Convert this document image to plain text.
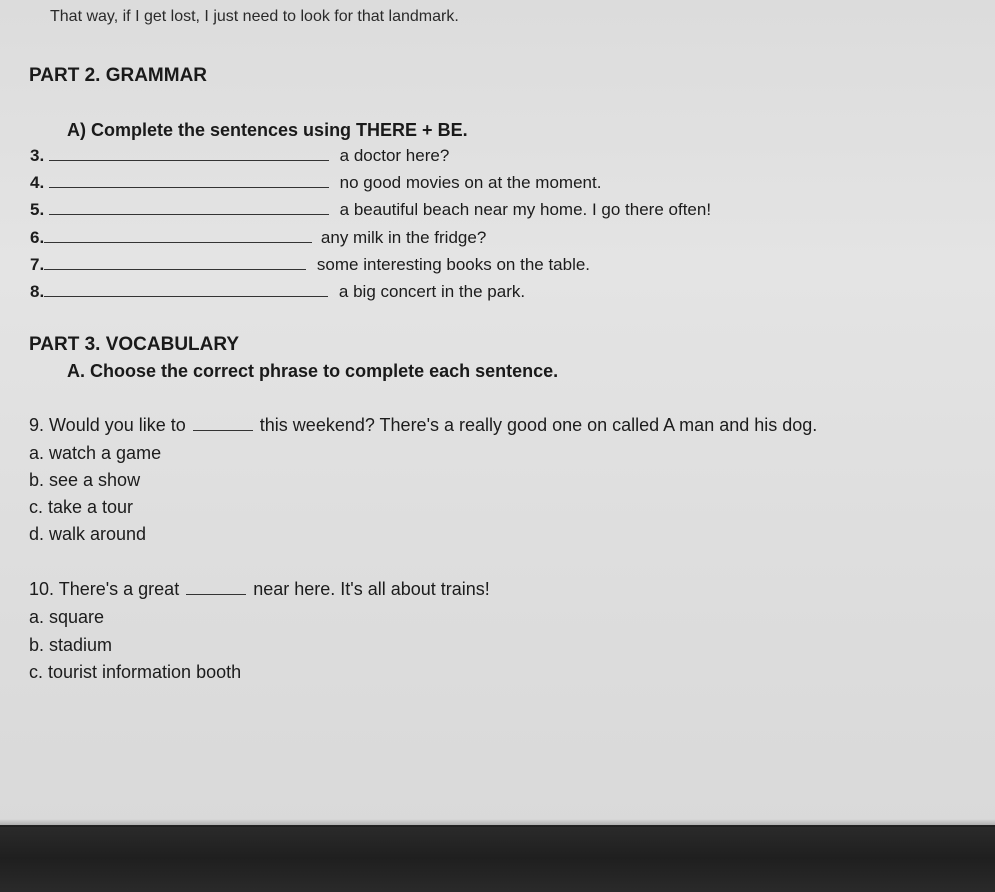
That way, if I get lost, I just need to look for that landmark.
PART 2. GRAMMAR
A) Complete the sentences using THERE + BE.
3.	a doctor here?
4.	no good movies on at the moment.
5.	a beautiful beach near my home. I go there often!
6.	any milk in the fridge?
7.	some interesting books on the table.
8.	a big concert in the park.
PART 3. VOCABULARY
A. Choose the correct phrase to complete each sentence.
9. Would you like to	this weekend? There's a really good one on called A man and his dog.
a. watch a game
b. see a show
c. take a tour
d. walk around
10. There's a great	near here. It's all about trains!
a. square
b. stadium
c. tourist information booth
